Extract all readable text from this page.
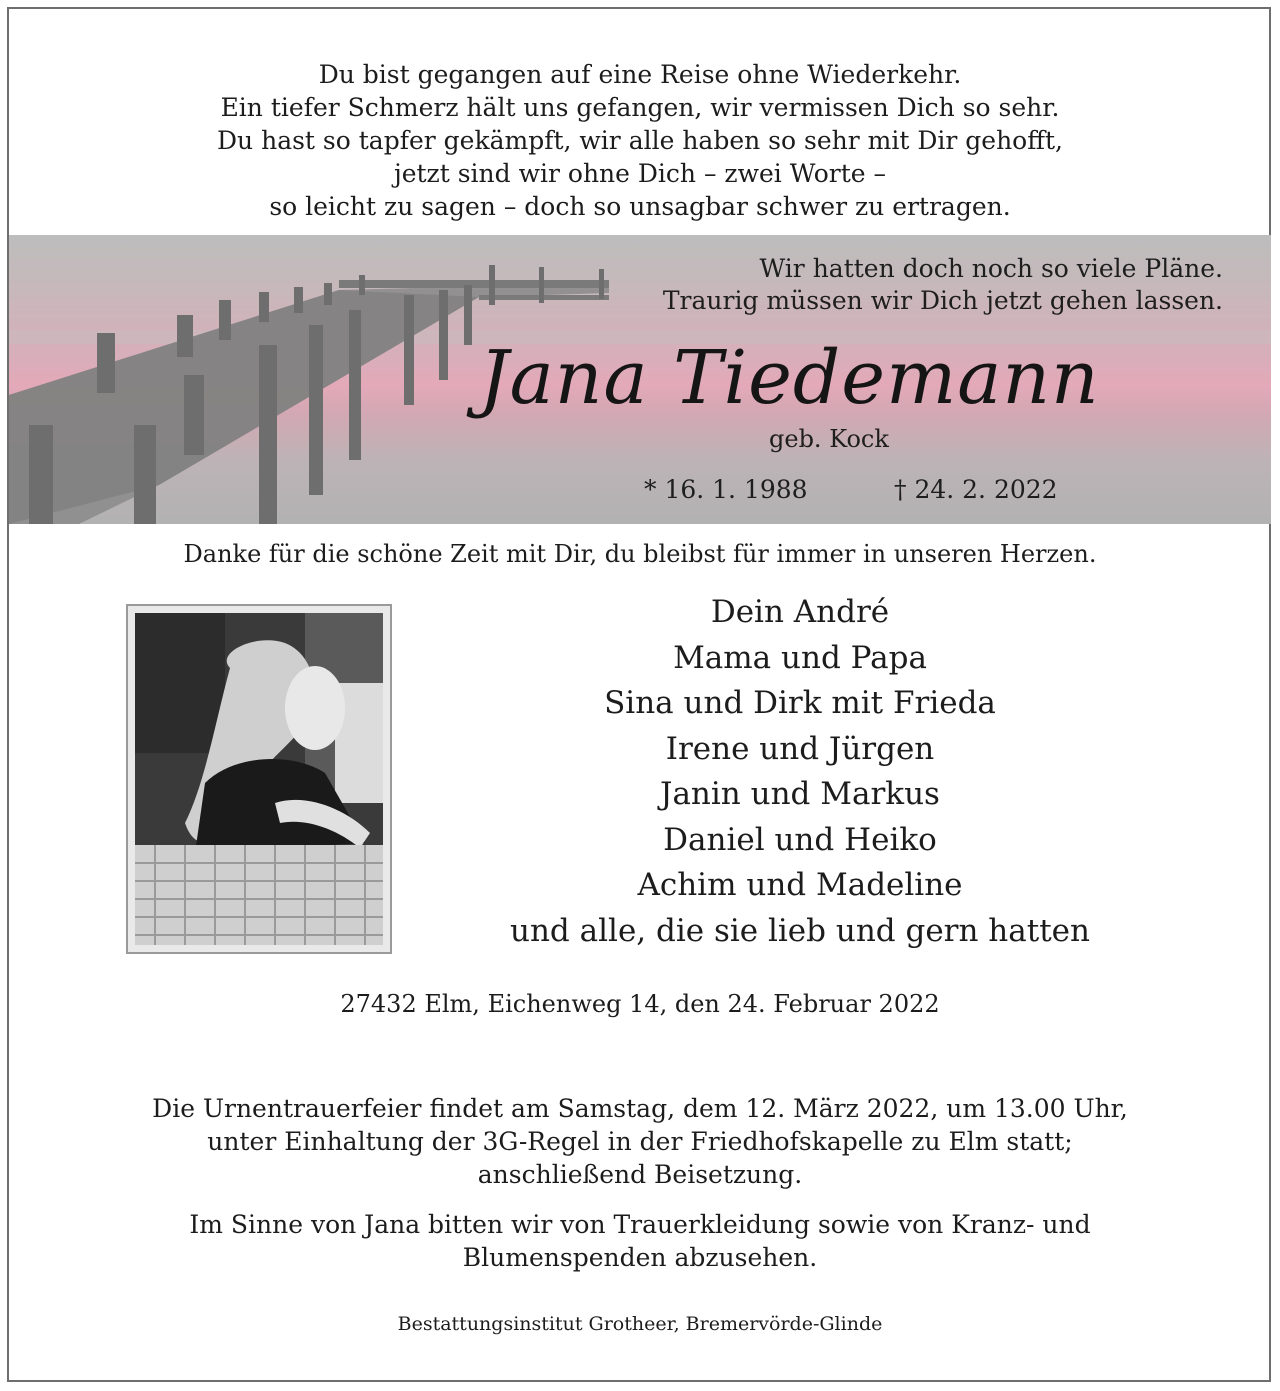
Du bist gegangen auf eine Reise ohne Wiederkehr.
Ein tiefer Schmerz hält uns gefangen, wir vermissen Dich so sehr.
Du hast so tapfer gekämpft, wir alle haben so sehr mit Dir gehofft,
jetzt sind wir ohne Dich – zwei Worte –
so leicht zu sagen – doch so unsagbar schwer zu ertragen.
Wir hatten doch noch so viele Pläne.
Traurig müssen wir Dich jetzt gehen lassen.
Jana Tiedemann
geb. Kock
* 16. 1. 1988	† 24. 2. 2022
Danke für die schöne Zeit mit Dir, du bleibst für immer in unseren Herzen.
Dein André
Mama und Papa
Sina und Dirk mit Frieda
Irene und Jürgen
Janin und Markus
Daniel und Heiko
Achim und Madeline
und alle, die sie lieb und gern hatten
27432 Elm, Eichenweg 14, den 24. Februar 2022
Die Urnentrauerfeier findet am Samstag, dem 12. März 2022, um 13.00 Uhr,
unter Einhaltung der 3G-Regel in der Friedhofskapelle zu Elm statt;
anschließend Beisetzung.
Im Sinne von Jana bitten wir von Trauerkleidung sowie von Kranz- und
Blumenspenden abzusehen.
Bestattungsinstitut Grotheer, Bremervörde-Glinde
